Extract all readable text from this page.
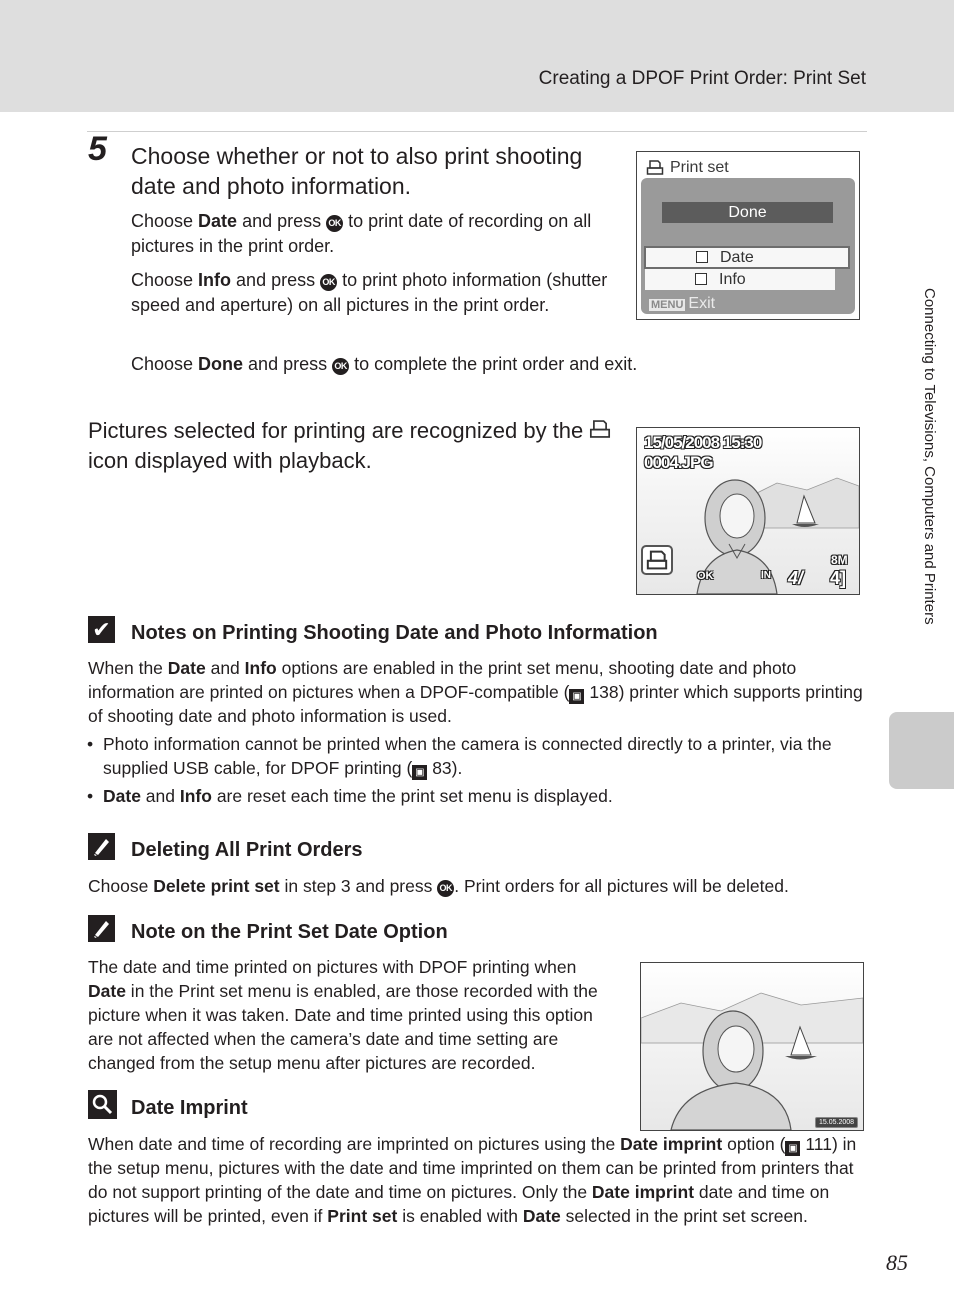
Creating a DPOF Print Order: Print Set
Connecting to Televisions, Computers and Printers
5 Choose whether or not to also print shooting date and photo information.
Choose Date and press OK to print date of recording on all pictures in the print order.
Choose Info and press OK to print photo information (shutter speed and aperture) on all pictures in the print order.
Choose Done and press OK to complete the print order and exit.
Print set
Done
Date
Info
MENU Exit
Pictures selected for printing are recognized by the  icon displayed with playback.
15/05/2008 15:30
0004.JPG
8M
IN
OK	4/ 4]
✔ Notes on Printing Shooting Date and Photo Information
When the Date and Info options are enabled in the print set menu, shooting date and photo information are printed on pictures when a DPOF-compatible ( ▣ 138) printer which supports printing of shooting date and photo information is used.
• Photo information cannot be printed when the camera is connected directly to a printer, via the supplied USB cable, for DPOF printing ( ▣ 83).
• Date and Info are reset each time the print set menu is displayed.
Deleting All Print Orders
Choose Delete print set in step 3 and press OK . Print orders for all pictures will be deleted.
Note on the Print Set Date Option
The date and time printed on pictures with DPOF printing when Date in the Print set menu is enabled, are those recorded with the picture when it was taken. Date and time printed using this option are not affected when the camera’s date and time setting are changed from the setup menu after pictures are recorded.
15.05.2008
Date Imprint
When date and time of recording are imprinted on pictures using the Date imprint option ( ▣ 111) in the setup menu, pictures with the date and time imprinted on them can be printed from printers that do not support printing of the date and time on pictures. Only the Date imprint date and time on pictures will be printed, even if Print set is enabled with Date selected in the print set screen.
85
